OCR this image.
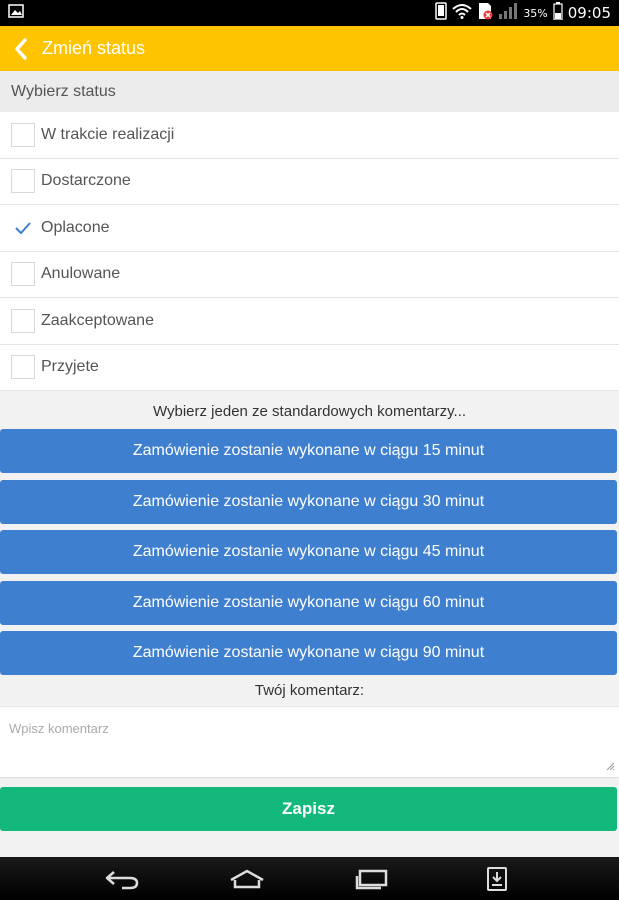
35% 09:05
Zmień status
Wybierz status
W trakcie realizacji
Dostarczone
Oplacone
Anulowane
Zaakceptowane
Przyjete
Wybierz jeden ze standardowych komentarzy...
Zamówienie zostanie wykonane w ciągu 15 minut
Zamówienie zostanie wykonane w ciągu 30 minut
Zamówienie zostanie wykonane w ciągu 45 minut
Zamówienie zostanie wykonane w ciągu 60 minut
Zamówienie zostanie wykonane w ciągu 90 minut
Twój komentarz:
Wpisz komentarz
Zapisz
